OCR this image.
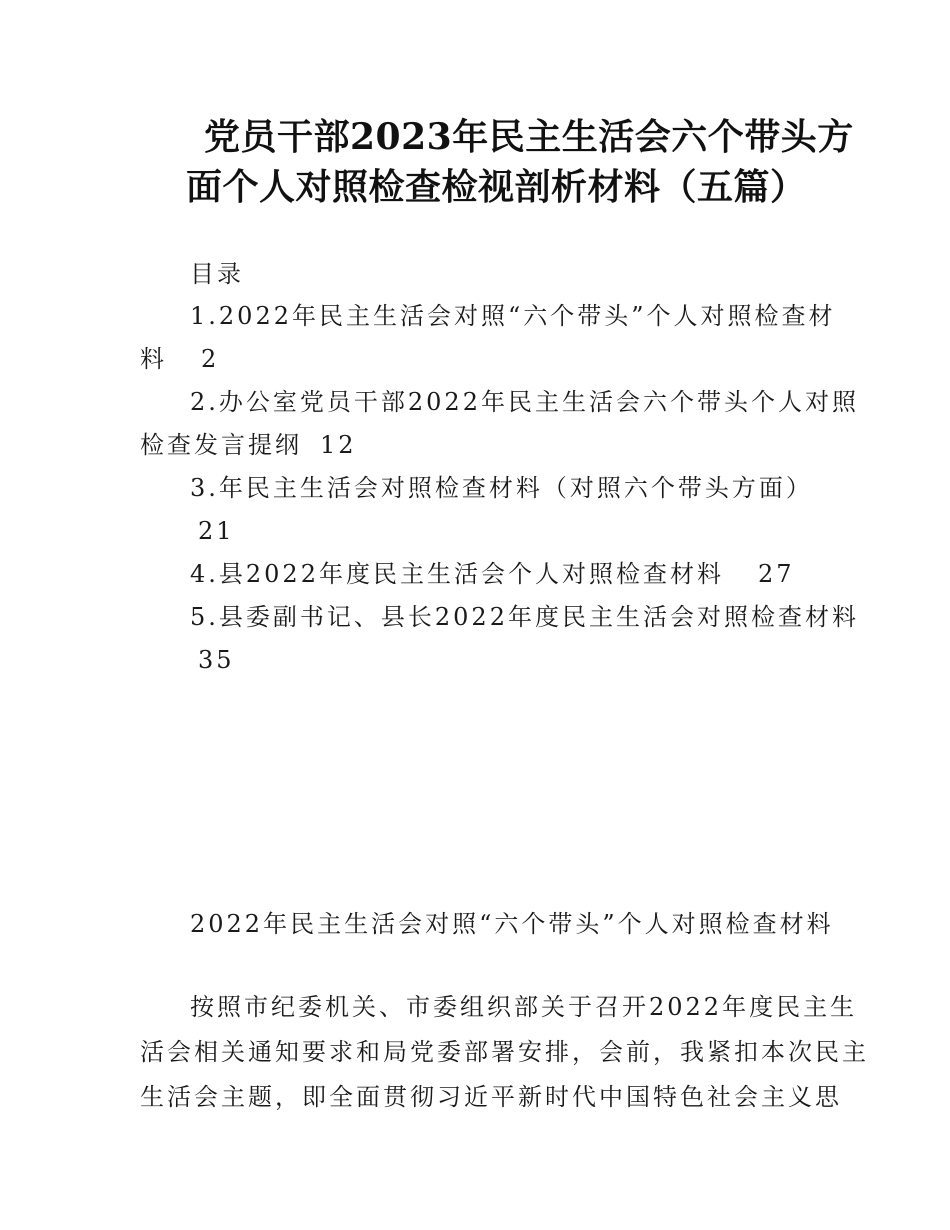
党员干部2023年民主生活会六个带头方
面个人对照检查检视剖析材料（五篇）
目录
1.2022年民主生活会对照“六个带头”个人对照检查材
料 2
2.办公室党员干部2022年民主生活会六个带头个人对照
检查发言提纲 12
3.年民主生活会对照检查材料（对照六个带头方面）
21
4.县2022年度民主生活会个人对照检查材料 27
5.县委副书记、县长2022年度民主生活会对照检查材料
35
2022年民主生活会对照“六个带头”个人对照检查材料
按照市纪委机关、市委组织部关于召开2022年度民主生
活会相关通知要求和局党委部署安排，会前，我紧扣本次民主
生活会主题，即全面贯彻习近平新时代中国特色社会主义思
